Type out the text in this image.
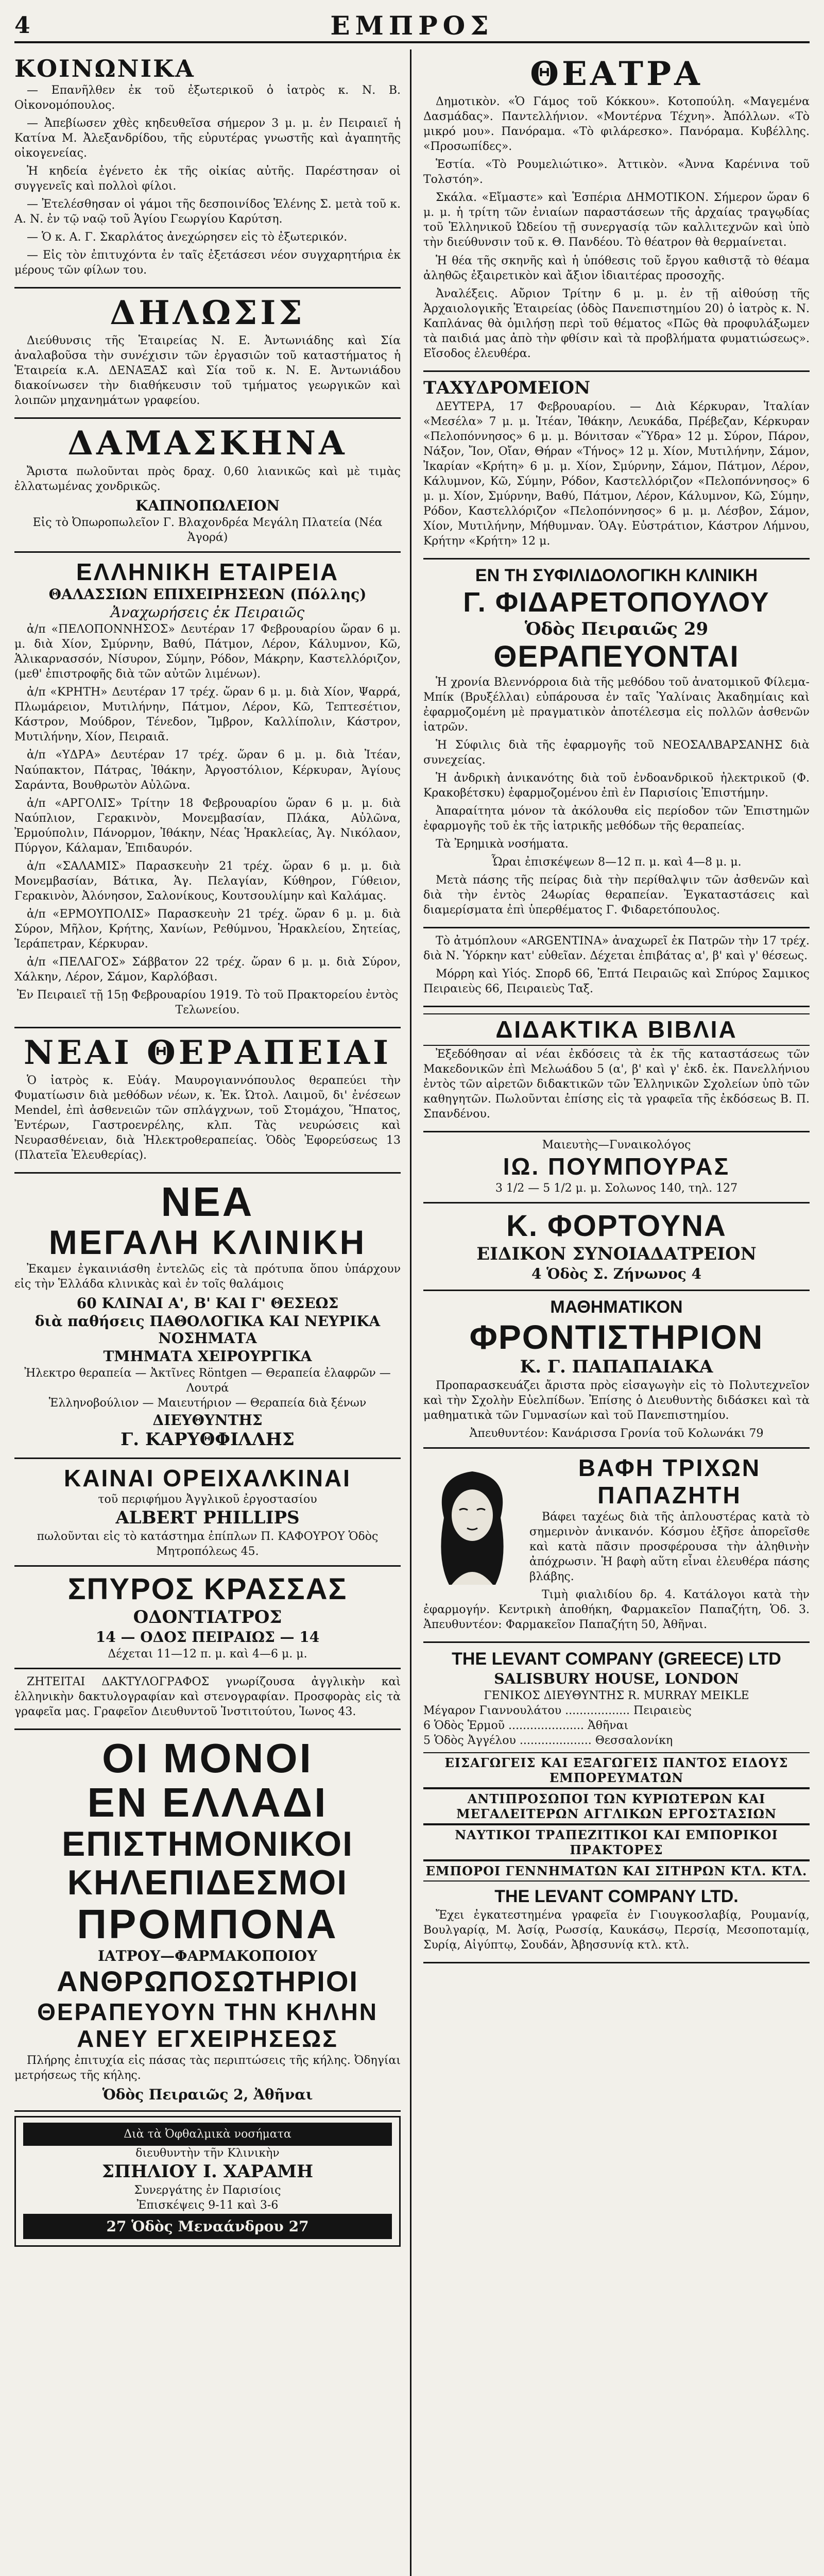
4	ΕΜΠΡΟΣ
ΚΟΙΝΩΝΙΚΑ

— Επανῆλθεν ἐκ τοῦ ἐξωτερικοῦ ὁ ἰατρὸς κ. Ν. Β. Οἰκονομόπουλος.

— Ἀπεβίωσεν χθὲς κηδευθεῖσα σήμερον 3 μ. μ. ἐν Πειραιεῖ ἡ Κατίνα Μ. Ἀλεξανδρίδου, τῆς εὐρυτέρας γνωστῆς καὶ ἀγαπητῆς οἰκογενείας.

Ἡ κηδεία ἐγένετο ἐκ τῆς οἰκίας αὐτῆς. Παρέστησαν οἱ συγγενεῖς καὶ πολλοὶ φίλοι.

— Ἐτελέσθησαν οἱ γάμοι τῆς δεσποινίδος Ἑλένης Σ. μετὰ τοῦ κ. Α. Ν. ἐν τῷ ναῷ τοῦ Ἁγίου Γεωργίου Καρύτση.

— Ὁ κ. Α. Γ. Σκαρλάτος ἀνεχώρησεν εἰς τὸ ἐξωτερικόν.

— Εἰς τὸν ἐπιτυχόντα ἐν ταῖς ἐξετάσεσι νέον συγχαρητήρια ἐκ μέρους τῶν φίλων του.

ΔΗΛΩΣΙΣ

Διεύθυνσις τῆς Ἑταιρείας Ν. Ε. Ἀντωνιάδης καὶ Σία ἀναλαβοῦσα τὴν συνέχισιν τῶν ἐργασιῶν τοῦ καταστήματος ἡ Ἑταιρεία κ.Α. ΔΕΝΑΞΑΣ καὶ Σία τοῦ κ. Ν. Ε. Ἀντωνιάδου διακοίνωσεν τὴν διαθήκευσιν τοῦ τμήματος γεωργικῶν καὶ λοιπῶν μηχανημάτων γραφείου.

ΔΑΜΑΣΚΗΝΑ

Ἄριστα πωλοῦνται πρὸς δραχ. 0,60 λιανικῶς καὶ μὲ τιμὰς ἐλλατωμένας χονδρικῶς.

ΚΑΠΝΟΠΩΛΕΙΟΝ
Εἰς τὸ Ὀπωροπωλεῖον Γ. Βλαχονδρέα Μεγάλη Πλατεία (Νέα Ἀγορά)
ΕΛΛΗΝΙΚΗ ΕΤΑΙΡΕΙΑ
ΘΑΛΑΣΣΙΩΝ ΕΠΙΧΕΙΡΗΣΕΩΝ (Πόλλης)
Ἀναχωρήσεις ἐκ Πειραιῶς

ἀ/π «ΠΕΛΟΠΟΝΝΗΣΟΣ» Δευτέραν 17 Φεβρουαρίου ὥραν 6 μ. μ. διὰ Χίον, Σμύρνην, Βαθύ, Πάτμον, Λέρον, Κάλυμνον, Κῶ, Ἁλικαρνασσόν, Νίσυρον, Σύμην, Ρόδον, Μάκρην, Καστελλόριζον, (μεθ' ἐπιστροφῆς διὰ τῶν αὐτῶν λιμένων).

ἀ/π «ΚΡΗΤΗ» Δευτέραν 17 τρέχ. ὥραν 6 μ. μ. διὰ Χίον, Ψαρρά, Πλωμάρειον, Μυτιλήνην, Πάτμον, Λέρον, Κῶ, Τεπτεσέτιον, Κάστρον, Μούδρον, Τένεδον, Ἴμβρον, Καλλίπολιν, Κάστρον, Μυτιλήνην, Χίον, Πειραιᾶ.

ἀ/π «ΥΔΡΑ» Δευτέραν 17 τρέχ. ὥραν 6 μ. μ. διὰ Ἰτέαν, Ναύπακτον, Πάτρας, Ἰθάκην, Ἀργοστόλιον, Κέρκυραν, Ἁγίους Σαράντα, Βουθρωτὸν Αὐλῶνα.

ἀ/π «ΑΡΓΟΛΙΣ» Τρίτην 18 Φεβρουαρίου ὥραν 6 μ. μ. διὰ Ναύπλιον, Γερακινὸν, Μονεμβασίαν, Πλάκα, Αὐλῶνα, Ἐρμούπολιν, Πάνορμον, Ἰθάκην, Νέας Ἡρακλείας, Ἁγ. Νικόλαον, Πύργον, Κάλαμαν, Ἐπιδαυρόν.

ἀ/π «ΣΑΛΑΜΙΣ» Παρασκευὴν 21 τρέχ. ὥραν 6 μ. μ. διὰ Μονεμβασίαν, Βάτικα, Ἁγ. Πελαγίαν, Κύθηρον, Γύθειον, Γερακινὸν, Ἀλόνησον, Σαλονίκους, Κουτσουλίμην καὶ Καλάμας.

ἀ/π «ΕΡΜΟΥΠΟΛΙΣ» Παρασκευὴν 21 τρέχ. ὥραν 6 μ. μ. διὰ Σύρον, Μῆλον, Κρήτης, Χανίων, Ρεθύμνου, Ἡρακλείου, Σητείας, Ἱεράπετραν, Κέρκυραν.

ἀ/π «ΠΕΛΑΓΟΣ» Σάββατον 22 τρέχ. ὥραν 6 μ. μ. διὰ Σύρον, Χάλκην, Λέρον, Σάμον, Καρλόβασι.

Ἐν Πειραιεῖ τῇ 15ῃ Φεβρουαρίου 1919. Τὸ τοῦ Πρακτορείου ἐντὸς Τελωνείου.

ΝΕΑΙ ΘΕΡΑΠΕΙΑΙ

Ὁ ἰατρὸς κ. Εὐάγ. Μαυρογιαννόπουλος θεραπεύει τὴν Φυματίωσιν διὰ μεθόδων νέων, κ. Ἐκ. Ὠτολ. Λαιμοῦ, δι' ἐνέσεων Mendel, ἐπὶ ἀσθενειῶν τῶν σπλάγχνων, τοῦ Στομάχου, Ἥπατος, Ἐντέρων, Γαστροενρέλης, κλπ. Τὰς νευρώσεις καὶ Νευρασθένειαν, διὰ Ἠλεκτροθεραπείας. Ὁδὸς Ἐφορεύσεως 13 (Πλατεῖα Ἐλευθερίας).

ΝΕΑ
ΜΕΓΑΛΗ ΚΛΙΝΙΚΗ

Ἐκαμεν ἐγκαινιάσθη ἐντελῶς εἰς τὰ πρότυπα ὅπου ὑπάρχουν εἰς τὴν Ἑλλάδα κλινικὰς καὶ ἐν τοῖς θαλάμοις

60 ΚΛΙΝΑΙ Α', Β' ΚΑΙ Γ' ΘΕΣΕΩΣ
διὰ παθήσεις ΠΑΘΟΛΟΓΙΚΑ ΚΑΙ ΝΕΥΡΙΚΑ ΝΟΣΗΜΑΤΑ
ΤΜΗΜΑΤΑ ΧΕΙΡΟΥΡΓΙΚΑ
Ἠλεκτρο θεραπεία — Ἀκτῖνες Röntgen — Θεραπεία ἐλαφρῶν — Λουτρά
Ἑλληνοβούλιον — Μαιευτήριον — Θεραπεία διὰ ξένων
ΔΙΕΥΘΥΝΤΗΣ
Γ. ΚΑΡΥΘΦΙΛΛΗΣ
ΚΑΙΝΑΙ ΟΡΕΙΧΑΛΚΙΝΑΙ
τοῦ περιφήμου Ἀγγλικοῦ ἐργοστασίου
ALBERT PHILLIPS
πωλοῦνται εἰς τὸ κατάστημα ἐπίπλων Π. ΚΑΦΟΥΡΟΥ Ὁδὸς Μητροπόλεως 45.
ΣΠΥΡΟΣ ΚΡΑΣΣΑΣ
ΟΔΟΝΤΙΑΤΡΟΣ
14 — ΟΔΟΣ ΠΕΙΡΑΙΩΣ — 14
Δέχεται 11—12 π. μ. καὶ 4—6 μ. μ.

ΖΗΤΕΙΤΑΙ ΔΑΚΤΥΛΟΓΡΑΦΟΣ γνωρίζουσα ἀγγλικὴν καὶ ἑλληνικὴν δακτυλογραφίαν καὶ στενογραφίαν. Προσφορὰς εἰς τὰ γραφεῖα μας. Γραφεῖον Διευθυντοῦ Ἰνστιτούτου, Ἰωνος 43.

ΟΙ ΜΟΝΟΙ
ΕΝ ΕΛΛΑΔΙ
ΕΠΙΣΤΗΜΟΝΙΚΟΙ
ΚΗΛΕΠΙΔΕΣΜΟΙ
ΠΡΟΜΠΟΝΑ
ΙΑΤΡΟΥ—ΦΑΡΜΑΚΟΠΟΙΟΥ
ΑΝΘΡΩΠΟΣΩΤΗΡΙΟΙ
ΘΕΡΑΠΕΥΟΥΝ ΤΗΝ ΚΗΛΗΝ
ΑΝΕΥ ΕΓΧΕΙΡΗΣΕΩΣ

Πλήρης ἐπιτυχία εἰς πάσας τὰς περιπτώσεις τῆς κήλης. Ὀδηγίαι μετρήσεως τῆς κήλης.

Ὁδὸς Πειραιῶς 2, Ἀθῆναι
Διὰ τὰ Ὀφθαλμικὰ νοσήματα
διευθυντὴν τῆν Κλινικὴν
ΣΠΗΛΙΟΥ Ι. ΧΑΡΑΜΗ
Συνεργάτης ἐν Παρισίοις
Ἐπισκέψεις 9-11 καὶ 3-6
27 Ὁδὸς Μεναάνδρου 27
ΘΕΑΤΡΑ

Δημοτικὸν. «Ὁ Γάμος τοῦ Κόκκου». Κοτοπούλη. «Μαγεμένα Δασμάδας». Παντελλήνιον. «Μοντέρνα Τέχνη». Ἀπόλλων. «Τὸ μικρό μου». Πανόραμα. «Τὸ φιλάρεσκο». Πανόραμα. Κυβέλλης. «Προσωπίδες».

Ἑστία. «Τὸ Ρουμελιώτικο». Ἀττικὸν. «Ἀννα Καρένινα τοῦ Τολστόη».

Σκάλα. «Εἴμαστε» καὶ Ἑσπέρια ΔΗΜΟΤΙΚΟΝ. Σήμερον ὥραν 6 μ. μ. ἡ τρίτη τῶν ἐνιαίων παραστάσεων τῆς ἀρχαίας τραγῳδίας τοῦ Ἑλληνικοῦ Ὠδείου τῇ συνεργασίᾳ τῶν καλλιτεχνῶν καὶ ὑπὸ τὴν διεύθυνσιν τοῦ κ. Θ. Πανδέου. Τὸ θέατρον θὰ θερμαίνεται.

Ἡ θέα τῆς σκηνῆς καὶ ἡ ὑπόθεσις τοῦ ἔργου καθιστᾷ τὸ θέαμα ἀληθῶς ἐξαιρετικὸν καὶ ἄξιον ἰδιαιτέρας προσοχῆς.

Ἀναλέξεις. Αὔριον Τρίτην 6 μ. μ. ἐν τῇ αἰθούσῃ τῆς Ἀρχαιολογικῆς Ἑταιρείας (ὁδὸς Πανεπιστημίου 20) ὁ ἰατρὸς κ. Ν. Καπλάνας θὰ ὁμιλήσῃ περὶ τοῦ θέματος «Πῶς θὰ προφυλάξωμεν τὰ παιδιά μας ἀπὸ τὴν φθίσιν καὶ τὰ προβλήματα φυματιώσεως». Εἴσοδος ἐλευθέρα.

ΤΑΧΥΔΡΟΜΕΙΟΝ

ΔΕΥΤΕΡΑ, 17 Φεβρουαρίου. — Διὰ Κέρκυραν, Ἰταλίαν «Μεσέλα» 7 μ. μ. Ἰτέαν, Ἰθάκην, Λευκάδα, Πρέβεζαν, Κέρκυραν «Πελοπόννησος» 6 μ. μ. Βόνιτσαν «Ὕδρα» 12 μ. Σύρον, Πάρον, Νάξον, Ἴον, Οἴαν, Θήραν «Τήνος» 12 μ. Χίον, Μυτιλήνην, Σάμον, Ἰκαρίαν «Κρήτη» 6 μ. μ. Χίον, Σμύρνην, Σάμον, Πάτμον, Λέρον, Κάλυμνον, Κῶ, Σύμην, Ρόδον, Καστελλόριζον «Πελοπόννησος» 6 μ. μ. Χίον, Σμύρνην, Βαθύ, Πάτμον, Λέρον, Κάλυμνον, Κῶ, Σύμην, Ρόδον, Καστελλόριζον «Πελοπόννησος» 6 μ. μ. Λέσβον, Σάμον, Χίον, Μυτιλήνην, Μήθυμναν. ὉΑγ. Εὐστράτιον, Κάστρον Λήμνου, Κρήτην «Κρήτη» 12 μ.

ΕΝ ΤΗ ΣΥΦΙΛΙΔΟΛΟΓΙΚΗ ΚΛΙΝΙΚΗ
Γ. ΦΙΔΑΡΕΤΟΠΟΥΛΟΥ
Ὁδὸς Πειραιῶς 29
ΘΕΡΑΠΕΥΟΝΤΑΙ

Ἡ χρονία Βλεννόρροια διὰ τῆς μεθόδου τοῦ ἀνατομικοῦ Φίλεμα-Μπίκ (Βρυξέλλαι) εὐπάρουσα ἐν ταῖς Ὑαλίναις Ἀκαδημίαις καὶ ἐφαρμοζομένη μὲ πραγματικὸν ἀποτέλεσμα εἰς πολλῶν ἀσθενῶν ἰατρῶν.

Ἡ Σύφιλις διὰ τῆς ἐφαρμογῆς τοῦ ΝΕΟΣΑΛΒΑΡΣΑΝΗΣ διὰ συνεχείας.

Ἡ ἀνδρικὴ ἀνικανότης διὰ τοῦ ἐνδοανδρικοῦ ἠλεκτρικοῦ (Φ. Κρακοβέτσκυ) ἐφαρμοζομένου ἐπὶ ἐν Παρισίοις Ἐπιστήμην.

Ἀπαραίτητα μόνον τὰ ἀκόλουθα εἰς περίοδον τῶν Ἐπιστημῶν ἐφαρμογῆς τοῦ ἐκ τῆς ἰατρικῆς μεθόδων τῆς θεραπείας.

Τὰ Ἐρημικὰ νοσήματα.

Ὧραι ἐπισκέψεων 8—12 π. μ. καὶ 4—8 μ. μ.

Μετὰ πάσης τῆς πείρας διὰ τὴν περίθαλψιν τῶν ἀσθενῶν καὶ διὰ τὴν ἐντὸς 24ωρίας θεραπείαν. Ἐγκαταστάσεις καὶ διαμερίσματα ἐπὶ ὑπερθέματος Γ. Φιδαρετόπουλος.

Τὸ ἀτμόπλουν «ARGENTINA» ἀναχωρεῖ ἐκ Πατρῶν τὴν 17 τρέχ. διὰ Ν. Ὑόρκην κατ' εὐθεῖαν. Δέχεται ἐπιβάτας α', β' καὶ γ' θέσεως.

Μόρρη καὶ Υἱός. Σπορδ 66, Ἑπτά Πειραιῶς καὶ Σπύρος Σαμικος Πειραιεὺς 66, Πειραιεὺς Ταξ.

ΔΙΔΑΚΤΙΚΑ ΒΙΒΛΙΑ

Ἐξεδόθησαν αἱ νέαι ἐκδόσεις τὰ ἐκ τῆς καταστάσεως τῶν Μακεδονικῶν ἐπὶ Μελωάδου 5 (α', β' καὶ γ' ἐκδ. ἐκ. Πανελλήνιου ἐντὸς τῶν αἱρετῶν διδακτικῶν τῶν Ἑλληνικῶν Σχολείων ὑπὸ τῶν καθηγητῶν. Πωλοῦνται ἐπίσης εἰς τὰ γραφεῖα τῆς ἐκδόσεως Β. Π. Σπανδένου.

Μαιευτὴς—Γυναικολόγος
ΙΩ. ΠΟΥΜΠΟΥΡΑΣ
3 1/2 — 5 1/2 μ. μ. Σολωνος 140, τηλ. 127
Κ. ΦΟΡΤΟΥΝΑ
ΕΙΔΙΚΟΝ ΣΥΝΟΙΑΔΑΤΡΕΙΟΝ
4 Ὁδὸς Σ. Ζήνωνος 4
ΜΑΘΗΜΑΤΙΚΟΝ
ΦΡΟΝΤΙΣΤΗΡΙΟΝ
Κ. Γ. ΠΑΠΑΠΑΙΑΚΑ

Προπαρασκευάζει ἄριστα πρὸς εἰσαγωγὴν εἰς τὸ Πολυτεχνεῖον καὶ τὴν Σχολὴν Εὐελπίδων. Ἐπίσης ὁ Διευθυντὴς διδάσκει καὶ τὰ μαθηματικὰ τῶν Γυμνασίων καὶ τοῦ Πανεπιστημίου.

Ἀπευθυντέον: Κανάρισσα Γρονία τοῦ Κολωνάκι 79
ΒΑΦΗ ΤΡΙΧΩΝ
ΠΑΠΑΖΗΤΗ

Βάφει ταχέως διὰ τῆς ἀπλουστέρας κατὰ τὸ σημερινὸν ἀνικανόν. Κόσμου ἐξῆσε ἀπορεῖσθε καὶ κατὰ πᾶσιν προσφέρουσα τὴν ἀληθινὴν ἀπόχρωσιν. Ἡ βαφὴ αὕτη εἶναι ἐλευθέρα πάσης βλάβης.

Τιμὴ φιαλιδίου δρ. 4. Κατάλογοι κατὰ τὴν ἐφαρμογήν. Κεντρικὴ ἀποθήκη, Φαρμακεῖον Παπαζήτη, Ὁδ. 3. Ἀπευθυντέον: Φαρμακεῖον Παπαζήτη 50, Ἀθῆναι.

THE LEVANT COMPANY (GREECE) LTD
SALISBURY HOUSE, LONDON
ΓΕΝΙΚΟΣ ΔΙΕΥΘΥΝΤΗΣ R. MURRAY MEIKLE
Μέγαρον Γιαννουλάτου .................. Πειραιεὺς
6 Ὁδὸς Ἑρμοῦ ..................... Ἀθῆναι
5 Ὁδὸς Ἀγγέλου .................... Θεσσαλονίκη
ΕΙΣΑΓΩΓΕΙΣ ΚΑΙ ΕΞΑΓΩΓΕΙΣ ΠΑΝΤΟΣ ΕΙΔΟΥΣ ΕΜΠΟΡΕΥΜΑΤΩΝ
ΑΝΤΙΠΡΟΣΩΠΟΙ ΤΩΝ ΚΥΡΙΩΤΕΡΩΝ ΚΑΙ ΜΕΓΑΛΕΙΤΕΡΩΝ ΑΓΓΛΙΚΩΝ ΕΡΓΟΣΤΑΣΙΩΝ
ΝΑΥΤΙΚΟΙ ΤΡΑΠΕΖΙΤΙΚΟΙ ΚΑΙ ΕΜΠΟΡΙΚΟΙ ΠΡΑΚΤΟΡΕΣ
ΕΜΠΟΡΟΙ ΓΕΝΝΗΜΑΤΩΝ ΚΑΙ ΣΙΤΗΡΩΝ ΚΤΛ. ΚΤΛ.
THE LEVANT COMPANY LTD.

Ἔχει ἐγκατεστημένα γραφεῖα ἐν Γιουγκοσλαβίᾳ, Ρουμανίᾳ, Βουλγαρίᾳ, Μ. Ἀσίᾳ, Ρωσσίᾳ, Καυκάσῳ, Περσίᾳ, Μεσοποταμίᾳ, Συρίᾳ, Αἰγύπτῳ, Σουδάν, Ἀβησσυνίᾳ κτλ. κτλ.
